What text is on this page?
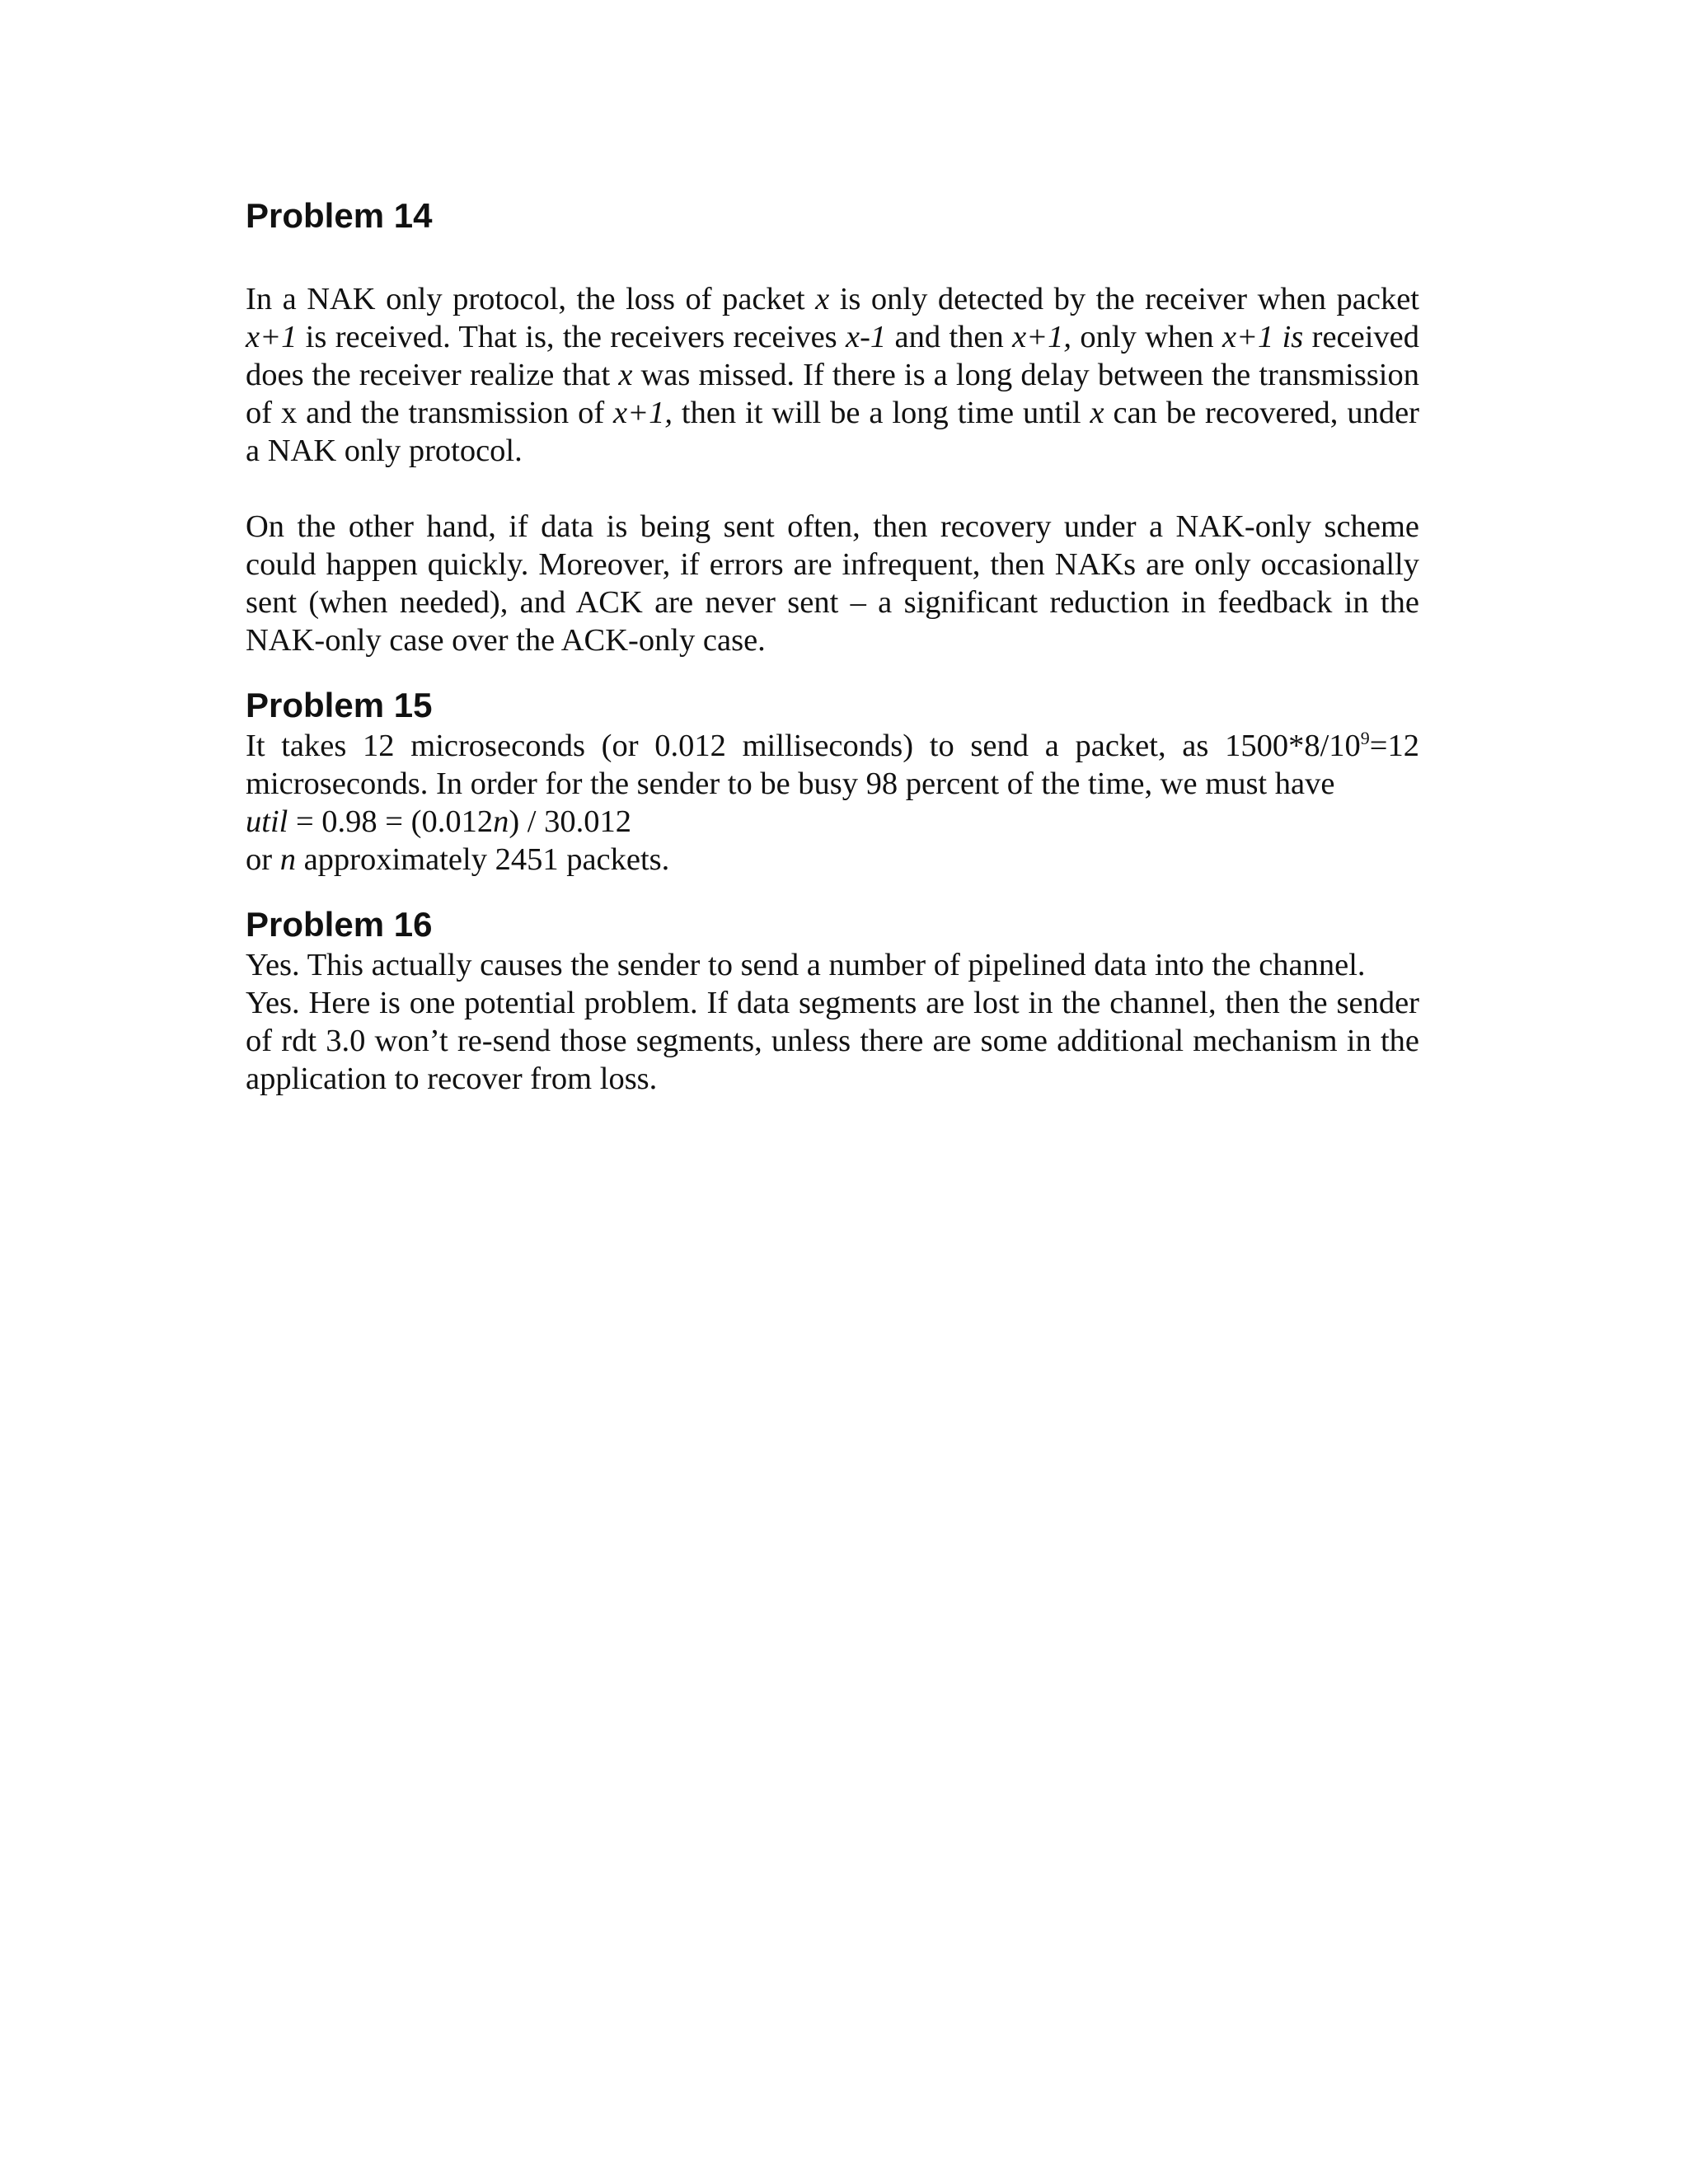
Problem 14

In a NAK only protocol, the loss of packet x is only detected by the receiver when packet x+1 is received. That is, the receivers receives x-1 and then x+1, only when x+1 is received does the receiver realize that x was missed. If there is a long delay between the transmission of x and the transmission of x+1, then it will be a long time until x can be recovered, under a NAK only protocol.

On the other hand, if data is being sent often, then recovery under a NAK-only scheme could happen quickly. Moreover, if errors are infrequent, then NAKs are only occasionally sent (when needed), and ACK are never sent – a significant reduction in feedback in the NAK-only case over the ACK-only case.

Problem 15

It takes 12 microseconds (or 0.012 milliseconds) to send a packet, as $1500*8/10^9=12$ microseconds. In order for the sender to be busy 98 percent of the time, we must have

util = 0.98 = (0.012n) / 30.012

or n approximately 2451 packets.

Problem 16

Yes. This actually causes the sender to send a number of pipelined data into the channel.

Yes. Here is one potential problem. If data segments are lost in the channel, then the sender of rdt 3.0 won’t re-send those segments, unless there are some additional mechanism in the application to recover from loss.
